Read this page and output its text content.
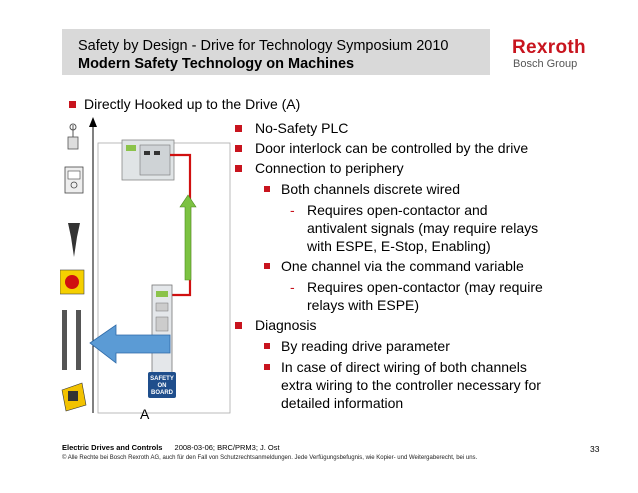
Safety by Design - Drive for Technology Symposium 2010
Modern Safety Technology on Machines
Rexroth
Bosch Group
Directly Hooked up to the Drive (A)
No-Safety PLC
Door interlock can be controlled by the drive
Connection to periphery
Both channels discrete wired
- Requires open-contactor and
antivalent signals (may require relays
with ESPE, E-Stop, Enabling)
One channel via the command variable
- Requires open-contactor (may require
relays with ESPE)
Diagnosis
By reading drive parameter
In case of direct wiring of both channels
extra wiring to the controller necessary for
detailed information
SAFETY
ON
BOARD
A
Electric Drives and Controls 2008-03-06; BRC/PRM3; J. Ost
© Alle Rechte bei Bosch Rexroth AG, auch für den Fall von Schutzrechtsanmeldungen. Jede Verfügungsbefugnis, wie Kopier- und Weitergaberecht, bei uns.
33
